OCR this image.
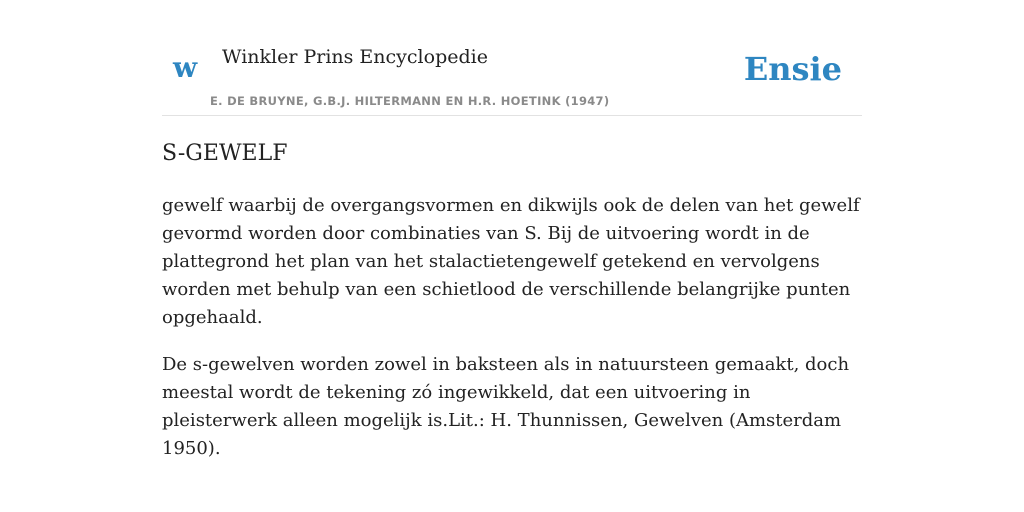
w Winkler Prins Encyclopedie
E. DE BRUYNE, G.B.J. HILTERMANN EN H.R. HOETINK (1947)
Ensie
S-GEWELF

gewelf waarbij de overgangsvormen en dikwijls ook de delen van het gewelf gevormd worden door combinaties van S. Bij de uitvoering wordt in de plattegrond het plan van het stalactietengewelf getekend en vervolgens worden met behulp van een schietlood de verschillende belangrijke punten opgehaald.

De s-gewelven worden zowel in baksteen als in natuursteen gemaakt, doch meestal wordt de tekening zó ingewikkeld, dat een uitvoering in pleisterwerk alleen mogelijk is.Lit.: H. Thunnissen, Gewelven (Amsterdam 1950).
